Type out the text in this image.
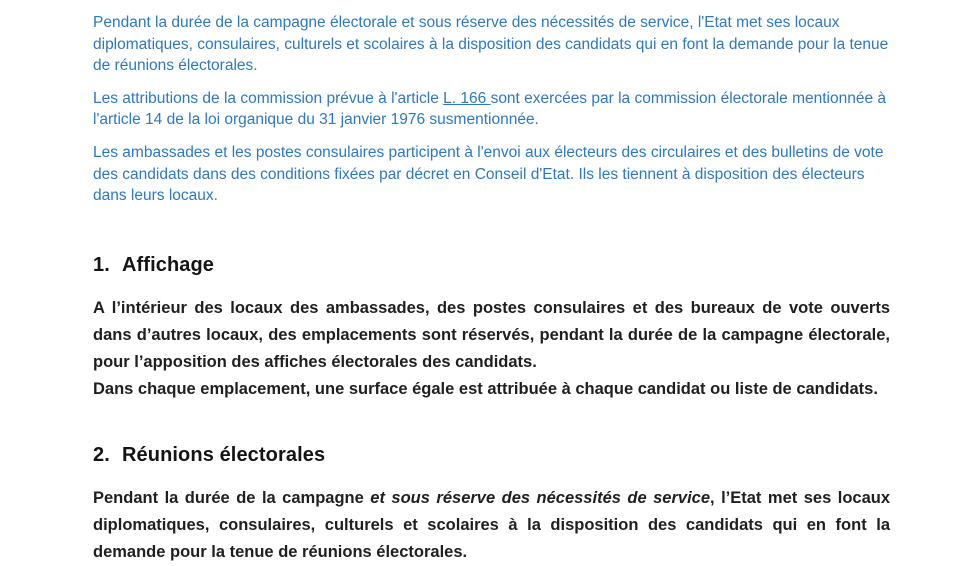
Pendant la durée de la campagne électorale et sous réserve des nécessités de service, l'Etat met ses locaux diplomatiques, consulaires, culturels et scolaires à la disposition des candidats qui en font la demande pour la tenue de réunions électorales.

Les attributions de la commission prévue à l'article L. 166 sont exercées par la commission électorale mentionnée à l'article 14 de la loi organique du 31 janvier 1976 susmentionnée.

Les ambassades et les postes consulaires participent à l'envoi aux électeurs des circulaires et des bulletins de vote des candidats dans des conditions fixées par décret en Conseil d'Etat. Ils les tiennent à disposition des électeurs dans leurs locaux.

1. Affichage

A l’intérieur des locaux des ambassades, des postes consulaires et des bureaux de vote ouverts dans d’autres locaux, des emplacements sont réservés, pendant la durée de la campagne électorale, pour l’apposition des affiches électorales des candidats.

Dans chaque emplacement, une surface égale est attribuée à chaque candidat ou liste de candidats.

2. Réunions électorales

Pendant la durée de la campagne et sous réserve des nécessités de service, l’Etat met ses locaux diplomatiques, consulaires, culturels et scolaires à la disposition des candidats qui en font la demande pour la tenue de réunions électorales.
